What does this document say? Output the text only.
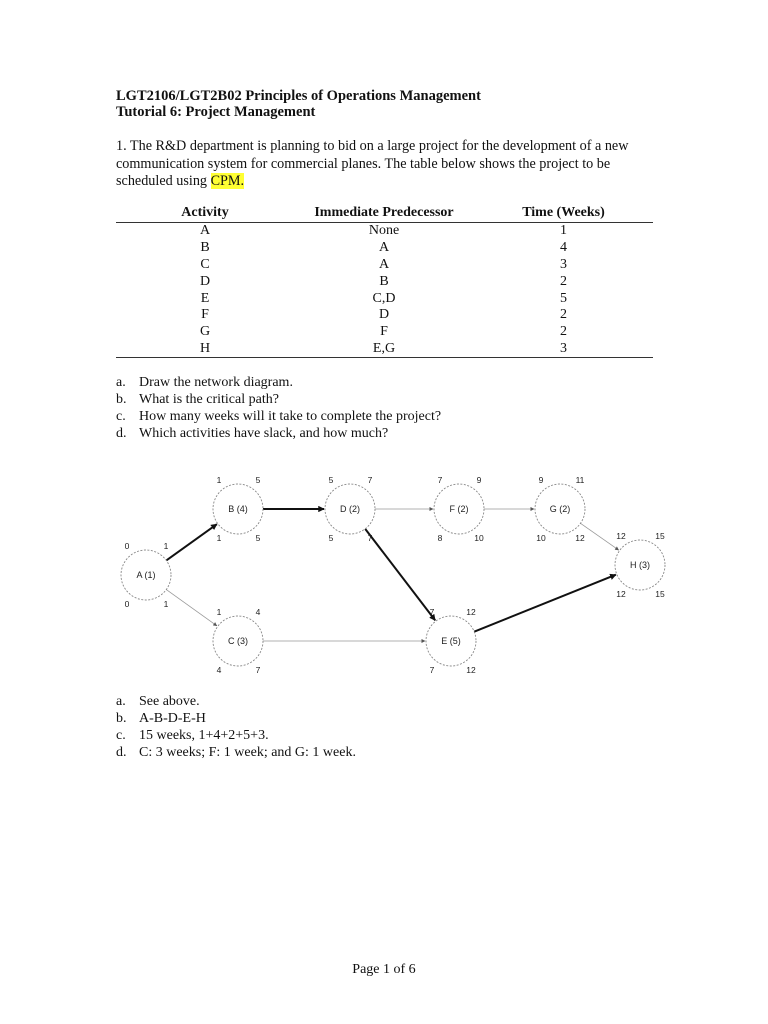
LGT2106/LGT2B02 Principles of Operations Management
Tutorial 6: Project Management
1. The R&D department is planning to bid on a large project for the development of a new communication system for commercial planes. The table below shows the project to be scheduled using CPM.
Activity	Immediate Predecessor	Time (Weeks)
A	None	1
B	A	4
C	A	3
D	B	2
E	C,D	5
F	D	2
G	F	2
H	E,G	3
a. Draw the network diagram.
b. What is the critical path?
c. How many weeks will it take to complete the project?
d. Which activities have slack, and how much?
A (1)
0	1
0	1
B (4)
1	5
1	5
C (3)
1	4
4	7
D (2)
5	7
5	7
E (5)
7	12
7	12
F (2)
7	9
8	10
G (2)
9	11
10	12
H (3)
12	15
12	15
a. See above.
b. A-B-D-E-H
c. 15 weeks, 1+4+2+5+3.
d. C: 3 weeks; F: 1 week; and G: 1 week.
Page 1 of 6
